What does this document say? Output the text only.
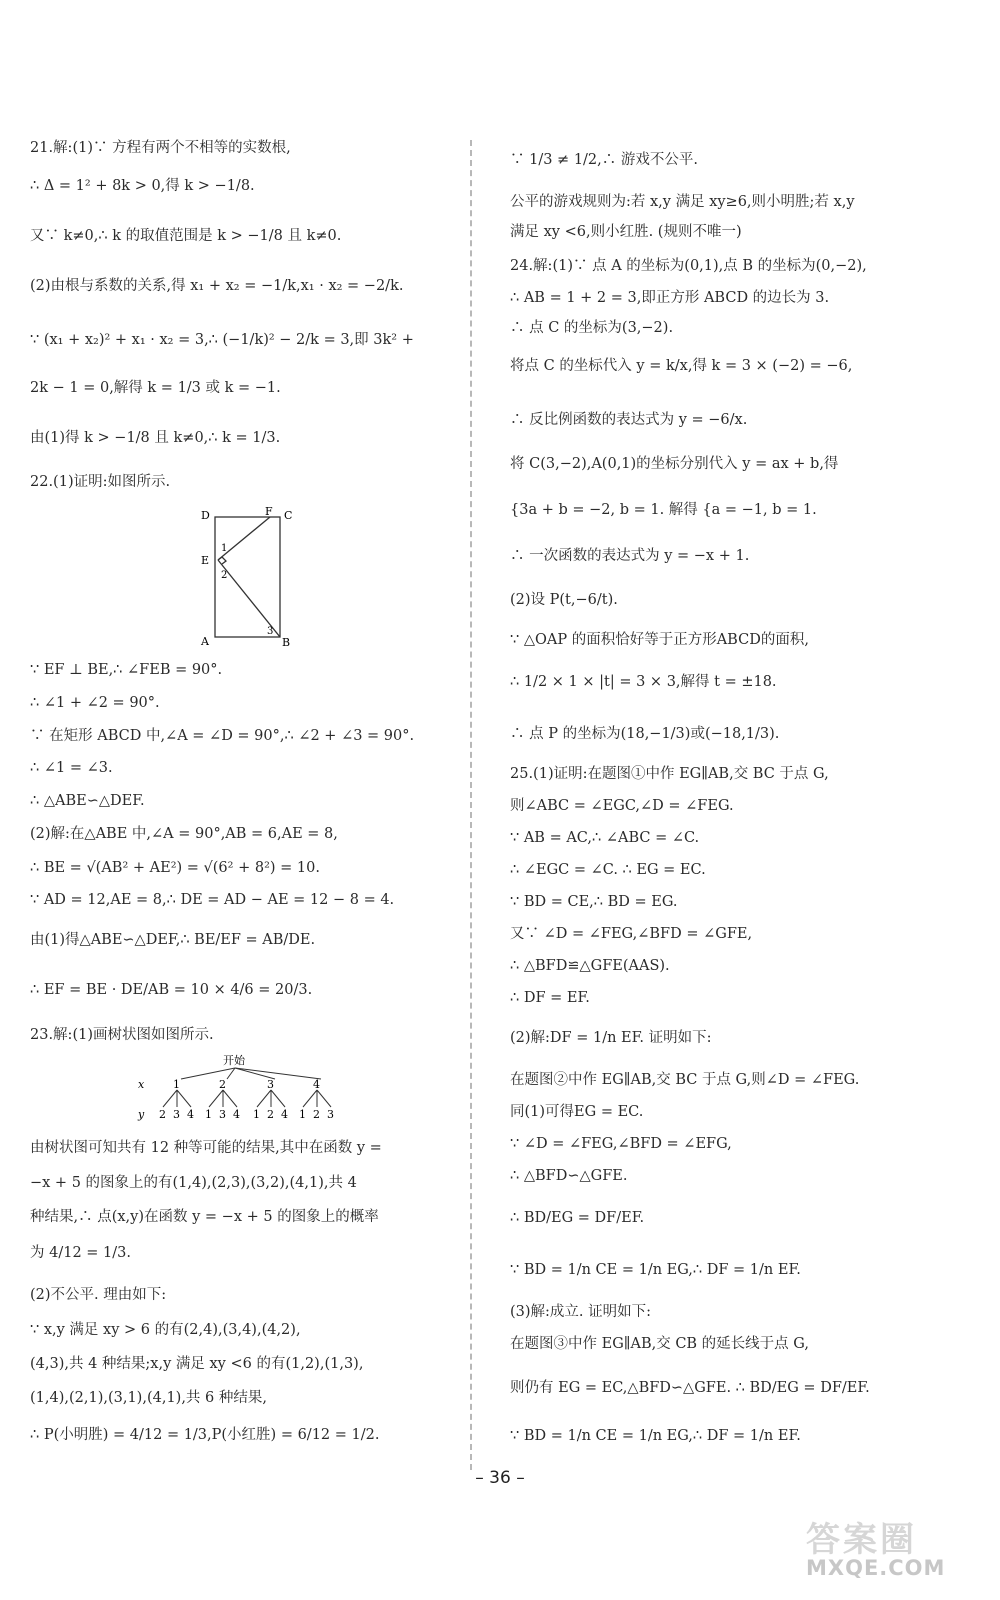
21.解:(1)∵ 方程有两个不相等的实数根,
∴ Δ = 1² + 8k > 0,得 k > −1/8.
又∵ k≠0,∴ k 的取值范围是 k > −1/8 且 k≠0.
(2)由根与系数的关系,得 x₁ + x₂ = −1/k,x₁ · x₂ = −2/k.
∵ (x₁ + x₂)² + x₁ · x₂ = 3,∴ (−1/k)² − 2/k = 3,即 3k² +
2k − 1 = 0,解得 k = 1/3 或 k = −1.
由(1)得 k > −1/8 且 k≠0,∴ k = 1/3.
22.(1)证明:如图所示.
D	F C
E
A	B
1
2
3
∵ EF ⊥ BE,∴ ∠FEB = 90°.
∴ ∠1 + ∠2 = 90°.
∵ 在矩形 ABCD 中,∠A = ∠D = 90°,∴ ∠2 + ∠3 = 90°.
∴ ∠1 = ∠3.
∴ △ABE∽△DEF.
(2)解:在△ABE 中,∠A = 90°,AB = 6,AE = 8,
∴ BE = √(AB² + AE²) = √(6² + 8²) = 10.
∵ AD = 12,AE = 8,∴ DE = AD − AE = 12 − 8 = 4.
由(1)得△ABE∽△DEF,∴ BE/EF = AB/DE.
∴ EF = BE · DE/AB = 10 × 4/6 = 20/3.
23.解:(1)画树状图如图所示.
开始
x
y
1	2	3	4
2 3 4 1 3 4 1 2 4 1 2 3
由树状图可知共有 12 种等可能的结果,其中在函数 y =
−x + 5 的图象上的有(1,4),(2,3),(3,2),(4,1),共 4
种结果,∴ 点(x,y)在函数 y = −x + 5 的图象上的概率
为 4/12 = 1/3.
(2)不公平. 理由如下:
∵ x,y 满足 xy > 6 的有(2,4),(3,4),(4,2),
(4,3),共 4 种结果;x,y 满足 xy <6 的有(1,2),(1,3),
(1,4),(2,1),(3,1),(4,1),共 6 种结果,
∴ P(小明胜) = 4/12 = 1/3,P(小红胜) = 6/12 = 1/2.
∵ 1/3 ≠ 1/2,∴ 游戏不公平.
公平的游戏规则为:若 x,y 满足 xy≥6,则小明胜;若 x,y
满足 xy <6,则小红胜. (规则不唯一)
24.解:(1)∵ 点 A 的坐标为(0,1),点 B 的坐标为(0,−2),
∴ AB = 1 + 2 = 3,即正方形 ABCD 的边长为 3.
∴ 点 C 的坐标为(3,−2).
将点 C 的坐标代入 y = k/x,得 k = 3 × (−2) = −6,
∴ 反比例函数的表达式为 y = −6/x.
将 C(3,−2),A(0,1)的坐标分别代入 y = ax + b,得
{3a + b = −2, b = 1. 解得 {a = −1, b = 1.
∴ 一次函数的表达式为 y = −x + 1.
(2)设 P(t,−6/t).
∵ △OAP 的面积恰好等于正方形ABCD的面积,
∴ 1/2 × 1 × |t| = 3 × 3,解得 t = ±18.
∴ 点 P 的坐标为(18,−1/3)或(−18,1/3).
25.(1)证明:在题图①中作 EG∥AB,交 BC 于点 G,
则∠ABC = ∠EGC,∠D = ∠FEG.
∵ AB = AC,∴ ∠ABC = ∠C.
∴ ∠EGC = ∠C. ∴ EG = EC.
∵ BD = CE,∴ BD = EG.
又∵ ∠D = ∠FEG,∠BFD = ∠GFE,
∴ △BFD≌△GFE(AAS).
∴ DF = EF.
(2)解:DF = 1/n EF. 证明如下:
在题图②中作 EG∥AB,交 BC 于点 G,则∠D = ∠FEG.
同(1)可得EG = EC.
∵ ∠D = ∠FEG,∠BFD = ∠EFG,
∴ △BFD∽△GFE.
∴ BD/EG = DF/EF.
∵ BD = 1/n CE = 1/n EG,∴ DF = 1/n EF.
(3)解:成立. 证明如下:
在题图③中作 EG∥AB,交 CB 的延长线于点 G,
则仍有 EG = EC,△BFD∽△GFE. ∴ BD/EG = DF/EF.
∵ BD = 1/n CE = 1/n EG,∴ DF = 1/n EF.
– 36 –
答案圈
MXQE.COM
